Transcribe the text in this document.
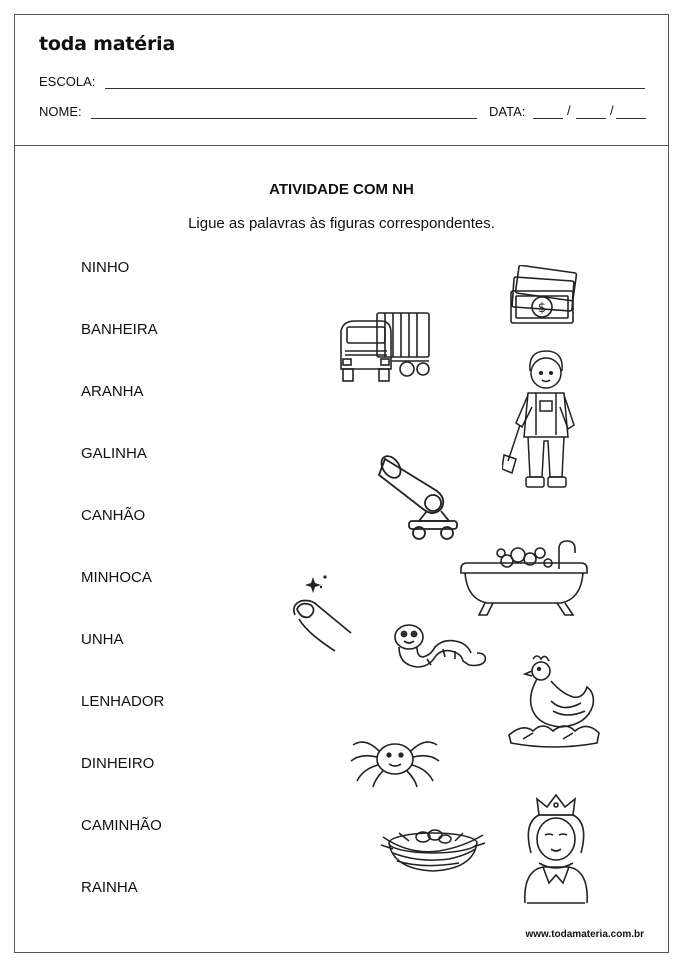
toda matéria
ESCOLA:
NOME:	DATA:	/	/
ATIVIDADE COM NH
Ligue as palavras às figuras correspondentes.
NINHO
BANHEIRA
ARANHA
GALINHA
CANHÃO
MINHOCA
UNHA
LENHADOR
DINHEIRO
CAMINHÃO
RAINHA
$
www.todamateria.com.br
